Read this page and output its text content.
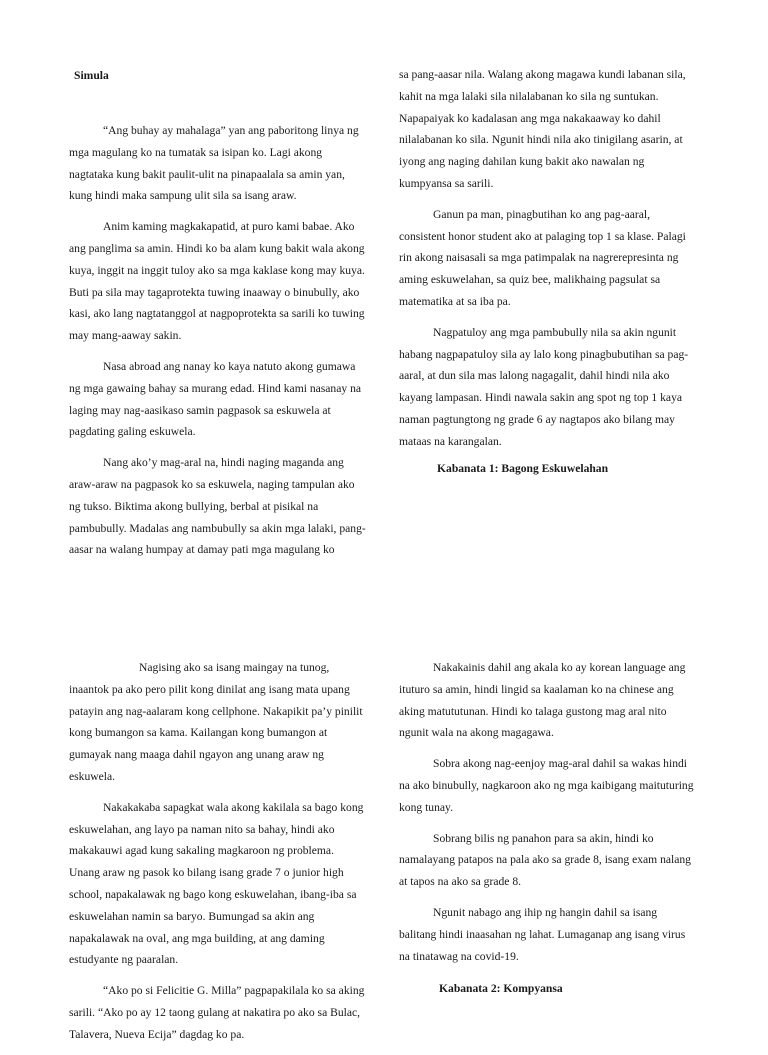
Simula

“Ang buhay ay mahalaga” yan ang paboritong linya ng mga magulang ko na tumatak sa isipan ko. Lagi akong nagtataka kung bakit paulit-ulit na pinapaalala sa amin yan, kung hindi maka sampung ulit sila sa isang araw.

Anim kaming magkakapatid, at puro kami babae. Ako ang panglima sa amin. Hindi ko ba alam kung bakit wala akong kuya, inggit na inggit tuloy ako sa mga kaklase kong may kuya. Buti pa sila may tagaprotekta tuwing inaaway o binubully, ako kasi, ako lang nagtatanggol at nagpoprotekta sa sarili ko tuwing may mang-aaway sakin.

Nasa abroad ang nanay ko kaya natuto akong gumawa ng mga gawaing bahay sa murang edad. Hind kami nasanay na laging may nag-aasikaso samin pagpasok sa eskuwela at pagdating galing eskuwela.

Nang ako’y mag-aral na, hindi naging maganda ang araw-araw na pagpasok ko sa eskuwela, naging tampulan ako ng tukso. Biktima akong bullying, berbal at pisikal na pambubully. Madalas ang nambubully sa akin mga lalaki, pang-aasar na walang humpay at damay pati mga magulang ko

sa pang-aasar nila. Walang akong magawa kundi labanan sila, kahit na mga lalaki sila nilalabanan ko sila ng suntukan. Napapaiyak ko kadalasan ang mga nakakaaway ko dahil nilalabanan ko sila. Ngunit hindi nila ako tinigilang asarin, at iyong ang naging dahilan kung bakit ako nawalan ng kumpyansa sa sarili.

Ganun pa man, pinagbutihan ko ang pag-aaral, consistent honor student ako at palaging top 1 sa klase. Palagi rin akong naisasali sa mga patimpalak na nagrerepresinta ng aming eskuwelahan, sa quiz bee, malikhaing pagsulat sa matematika at sa iba pa.

Nagpatuloy ang mga pambubully nila sa akin ngunit habang nagpapatuloy sila ay lalo kong pinagbubutihan sa pag-aaral, at dun sila mas lalong nagagalit, dahil hindi nila ako kayang lampasan. Hindi nawala sakin ang spot ng top 1 kaya naman pagtungtong ng grade 6 ay nagtapos ako bilang may mataas na karangalan.

Kabanata 1: Bagong Eskuwelahan

Nagising ako sa isang maingay na tunog, inaantok pa ako pero pilit kong dinilat ang isang mata upang patayin ang nag-aalaram kong cellphone. Nakapikit pa’y pinilit kong bumangon sa kama. Kailangan kong bumangon at gumayak nang maaga dahil ngayon ang unang araw ng eskuwela.

Nakakakaba sapagkat wala akong kakilala sa bago kong eskuwelahan, ang layo pa naman nito sa bahay, hindi ako makakauwi agad kung sakaling magkaroon ng problema. Unang araw ng pasok ko bilang isang grade 7 o junior high school, napakalawak ng bago kong eskuwelahan, ibang-iba sa eskuwelahan namin sa baryo. Bumungad sa akin ang napakalawak na oval, ang mga building, at ang daming estudyante ng paaralan.

“Ako po si Felicitie G. Milla” pagpapakilala ko sa aking sarili. “Ako po ay 12 taong gulang at nakatira po ako sa Bulac, Talavera, Nueva Ecija” dagdag ko pa.

Nakakainis dahil ang akala ko ay korean language ang ituturo sa amin, hindi lingid sa kaalaman ko na chinese ang aking matututunan. Hindi ko talaga gustong mag aral nito ngunit wala na akong magagawa.

Sobra akong nag-eenjoy mag-aral dahil sa wakas hindi na ako binubully, nagkaroon ako ng mga kaibigang maituturing kong tunay.

Sobrang bilis ng panahon para sa akin, hindi ko namalayang patapos na pala ako sa grade 8, isang exam nalang at tapos na ako sa grade 8.

Ngunit nabago ang ihip ng hangin dahil sa isang balitang hindi inaasahan ng lahat. Lumaganap ang isang virus na tinatawag na covid-19.

Kabanata 2: Kompyansa
